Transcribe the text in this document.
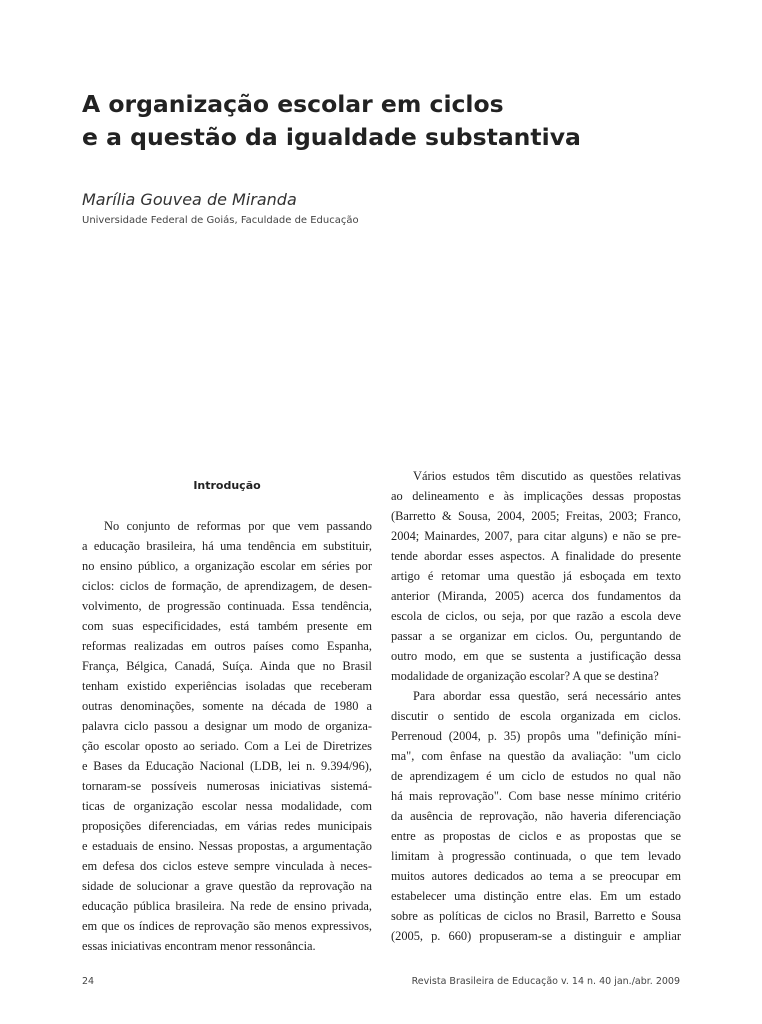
A organização escolar em ciclos
e a questão da igualdade substantiva
Marília Gouvea de Miranda
Universidade Federal de Goiás, Faculdade de Educação
Introdução
No conjunto de reformas por que vem passando
a educação brasileira, há uma tendência em substituir,
no ensino público, a organização escolar em séries por
ciclos: ciclos de formação, de aprendizagem, de desen-
volvimento, de progressão continuada. Essa tendência,
com suas especificidades, está também presente em
reformas realizadas em outros países como Espanha,
França, Bélgica, Canadá, Suíça. Ainda que no Brasil
tenham existido experiências isoladas que receberam
outras denominações, somente na década de 1980 a
palavra ciclo passou a designar um modo de organiza-
ção escolar oposto ao seriado. Com a Lei de Diretrizes
e Bases da Educação Nacional (LDB, lei n. 9.394/96),
tornaram-se possíveis numerosas iniciativas sistemá-
ticas de organização escolar nessa modalidade, com
proposições diferenciadas, em várias redes municipais
e estaduais de ensino. Nessas propostas, a argumentação
em defesa dos ciclos esteve sempre vinculada à neces-
sidade de solucionar a grave questão da reprovação na
educação pública brasileira. Na rede de ensino privada,
em que os índices de reprovação são menos expressivos,
essas iniciativas encontram menor ressonância.
Vários estudos têm discutido as questões relativas
ao delineamento e às implicações dessas propostas
(Barretto & Sousa, 2004, 2005; Freitas, 2003; Franco,
2004; Mainardes, 2007, para citar alguns) e não se pre-
tende abordar esses aspectos. A finalidade do presente
artigo é retomar uma questão já esboçada em texto
anterior (Miranda, 2005) acerca dos fundamentos da
escola de ciclos, ou seja, por que razão a escola deve
passar a se organizar em ciclos. Ou, perguntando de
outro modo, em que se sustenta a justificação dessa
modalidade de organização escolar? A que se destina?
Para abordar essa questão, será necessário antes
discutir o sentido de escola organizada em ciclos.
Perrenoud (2004, p. 35) propôs uma "definição míni-
ma", com ênfase na questão da avaliação: "um ciclo
de aprendizagem é um ciclo de estudos no qual não
há mais reprovação". Com base nesse mínimo critério
da ausência de reprovação, não haveria diferenciação
entre as propostas de ciclos e as propostas que se
limitam à progressão continuada, o que tem levado
muitos autores dedicados ao tema a se preocupar em
estabelecer uma distinção entre elas. Em um estado
sobre as políticas de ciclos no Brasil, Barretto e Sousa
(2005, p. 660) propuseram-se a distinguir e ampliar
24	Revista Brasileira de Educação v. 14 n. 40 jan./abr. 2009
